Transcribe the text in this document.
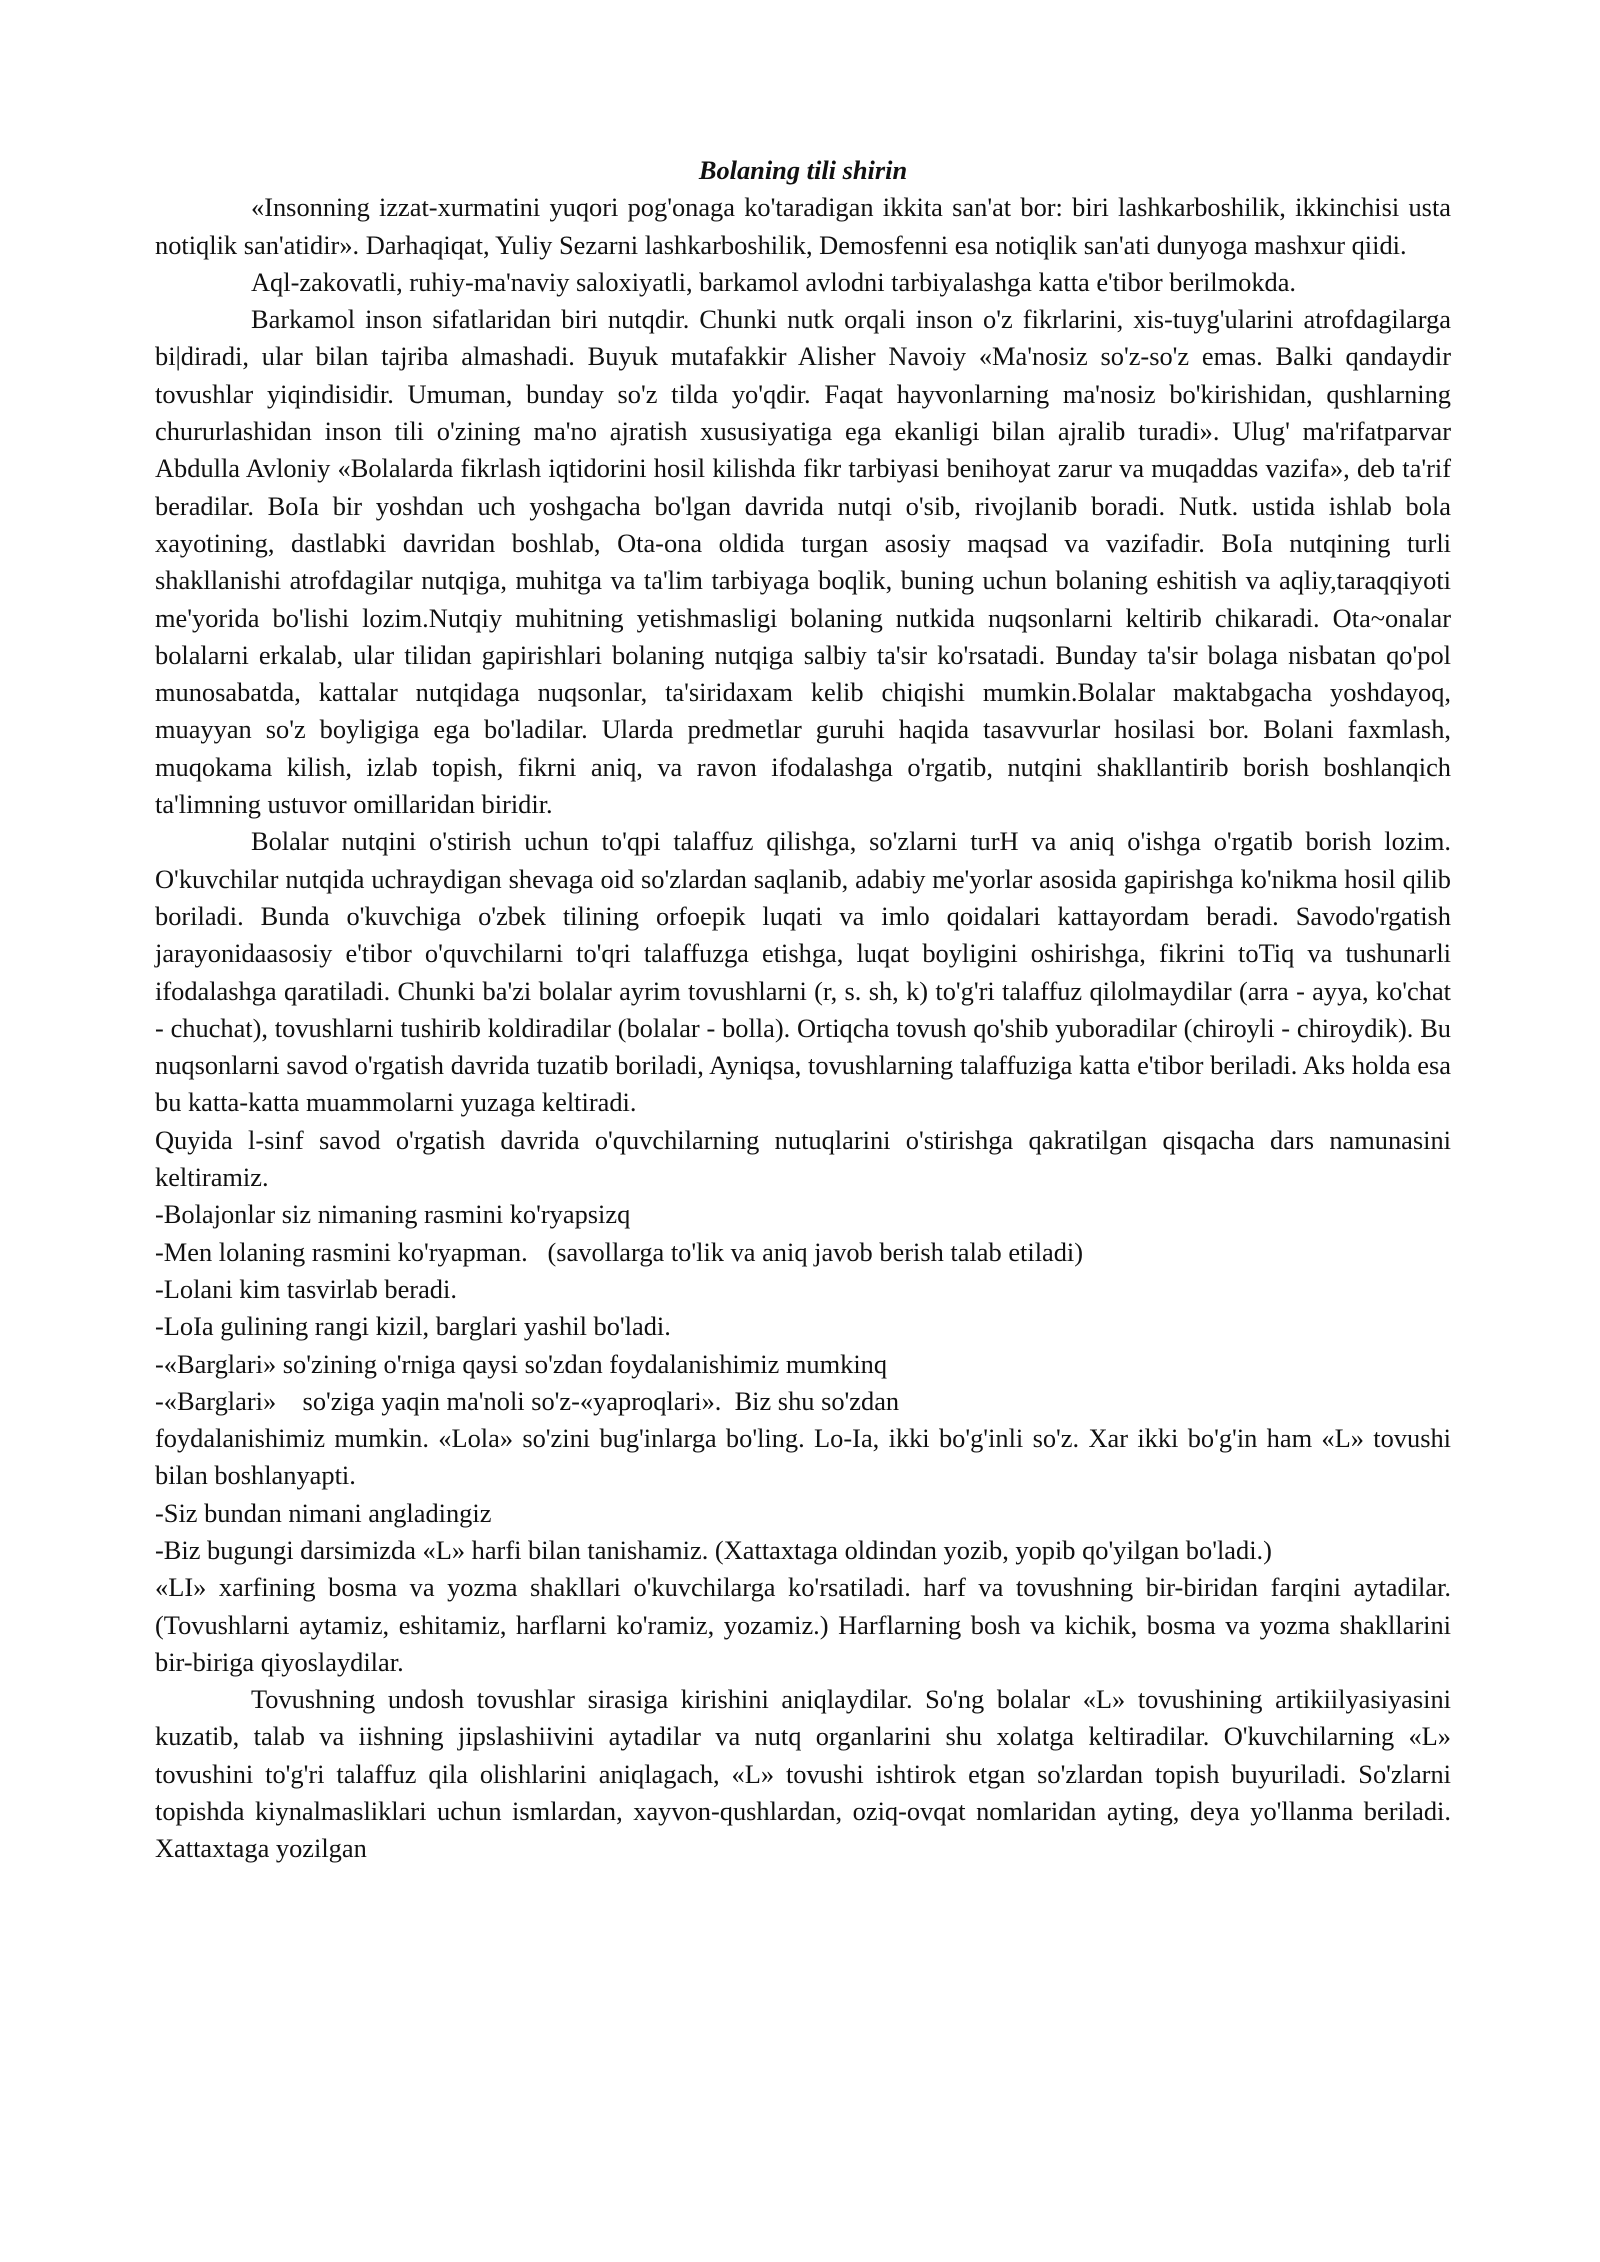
Bolaning tili shirin

«Insonning izzat-xurmatini yuqori pog'onaga ko'taradigan ikkita san'at bor: biri lashkarboshilik, ikkinchisi usta notiqlik san'atidir». Darhaqiqat, Yuliy Sezarni lashkarboshilik, Demosfenni esa notiqlik san'ati dunyoga mashxur qiidi.

Aql-zakovatli, ruhiy-ma'naviy saloxiyatli, barkamol avlodni tarbiyalashga katta e'tibor berilmokda.

Barkamol inson sifatlaridan biri nutqdir. Chunki nutk orqali inson o'z fikrlarini, xis-tuyg'ularini atrofdagilarga bi|diradi, ular bilan tajriba almashadi. Buyuk mutafakkir Alisher Navoiy «Ma'nosiz so'z-so'z emas. Balki qandaydir tovushlar yiqindisidir. Umuman, bunday so'z tilda yo'qdir. Faqat hayvonlarning ma'nosiz bo'kirishidan, qushlarning chururlashidan inson tili o'zining ma'no ajratish xususiyatiga ega ekanligi bilan ajralib turadi». Ulug' ma'rifatparvar Abdulla Avloniy «Bolalarda fikrlash iqtidorini hosil kilishda fikr tarbiyasi benihoyat zarur va muqaddas vazifa», deb ta'rif beradilar. BoIa bir yoshdan uch yoshgacha bo'lgan davrida nutqi o'sib, rivojlanib boradi. Nutk. ustida ishlab bola xayotining, dastlabki davridan boshlab, Ota-ona oldida turgan asosiy maqsad va vazifadir. BoIa nutqining turli shakllanishi atrofdagilar nutqiga, muhitga va ta'lim tarbiyaga boqlik, buning uchun bolaning eshitish va aqliy,taraqqiyoti me'yorida bo'lishi lozim.Nutqiy muhitning yetishmasligi bolaning nutkida nuqsonlarni keltirib chikaradi. Ota~onalar bolalarni erkalab, ular tilidan gapirishlari bolaning nutqiga salbiy ta'sir ko'rsatadi. Bunday ta'sir bolaga nisbatan qo'pol munosabatda, kattalar nutqidaga nuqsonlar, ta'siridaxam kelib chiqishi mumkin.Bolalar maktabgacha yoshdayoq, muayyan so'z boyligiga ega bo'ladilar. Ularda predmetlar guruhi haqida tasavvurlar hosilasi bor. Bolani faxmlash, muqokama kilish, izlab topish, fikrni aniq, va ravon ifodalashga o'rgatib, nutqini shakllantirib borish boshlanqich ta'limning ustuvor omillaridan biridir.

Bolalar nutqini o'stirish uchun to'qpi talaffuz qilishga, so'zlarni turH va aniq o'ishga o'rgatib borish lozim. O'kuvchilar nutqida uchraydigan shevaga oid so'zlardan saqlanib, adabiy me'yorlar asosida gapirishga ko'nikma hosil qilib boriladi. Bunda o'kuvchiga o'zbek tilining orfoepik luqati va imlo qoidalari kattayordam beradi. Savodo'rgatish jarayonidaasosiy e'tibor o'quvchilarni to'qri talaffuzga etishga, luqat boyligini oshirishga, fikrini toTiq va tushunarli ifodalashga qaratiladi. Chunki ba'zi bolalar ayrim tovushlarni (r, s. sh, k) to'g'ri talaffuz qilolmaydilar (arra - ayya, ko'chat - chuchat), tovushlarni tushirib koldiradilar (bolalar - bolla). Ortiqcha tovush qo'shib yuboradilar (chiroyli - chiroydik). Bu nuqsonlarni savod o'rgatish davrida tuzatib boriladi, Ayniqsa, tovushlarning talaffuziga katta e'tibor beriladi. Aks holda esa bu katta-katta muammolarni yuzaga keltiradi.

Quyida l-sinf savod o'rgatish davrida o'quvchilarning nutuqlarini o'stirishga qakratilgan qisqacha dars namunasini keltiramiz.

-Bolajonlar siz nimaning rasmini ko'ryapsizq

-Men lolaning rasmini ko'ryapman.   (savollarga to'lik va aniq javob berish talab etiladi)

-Lolani kim tasvirlab beradi.

-LoIa gulining rangi kizil, barglari yashil bo'ladi.

-«Barglari» so'zining o'rniga qaysi so'zdan foydalanishimiz mumkinq

-«Barglari»    so'ziga yaqin ma'noli so'z-«yaproqlari».  Biz shu so'zdan

foydalanishimiz mumkin. «Lola» so'zini bug'inlarga bo'ling. Lo-Ia, ikki bo'g'inli so'z. Xar ikki bo'g'in ham «L» tovushi bilan boshlanyapti.

-Siz bundan nimani angladingiz

-Biz bugungi darsimizda «L» harfi bilan tanishamiz. (Xattaxtaga oldindan yozib, yopib qo'yilgan bo'ladi.)

«LI» xarfining bosma va yozma shakllari o'kuvchilarga ko'rsatiladi. harf va tovushning bir-biridan farqini aytadilar. (Tovushlarni aytamiz, eshitamiz, harflarni ko'ramiz, yozamiz.) Harflarning bosh va kichik, bosma va yozma shakllarini bir-biriga qiyoslaydilar.

Tovushning undosh tovushlar sirasiga kirishini aniqlaydilar. So'ng bolalar «L» tovushining artikiilyasiyasini kuzatib, talab va iishning jipslashiivini aytadilar va nutq organlarini shu xolatga keltiradilar. O'kuvchilarning «L» tovushini to'g'ri talaffuz qila olishlarini aniqlagach, «L» tovushi ishtirok etgan so'zlardan topish buyuriladi. So'zlarni topishda kiynalmasliklari uchun ismlardan, xayvon-qushlardan, oziq-ovqat nomlaridan ayting, deya yo'llanma beriladi. Xattaxtaga yozilgan
